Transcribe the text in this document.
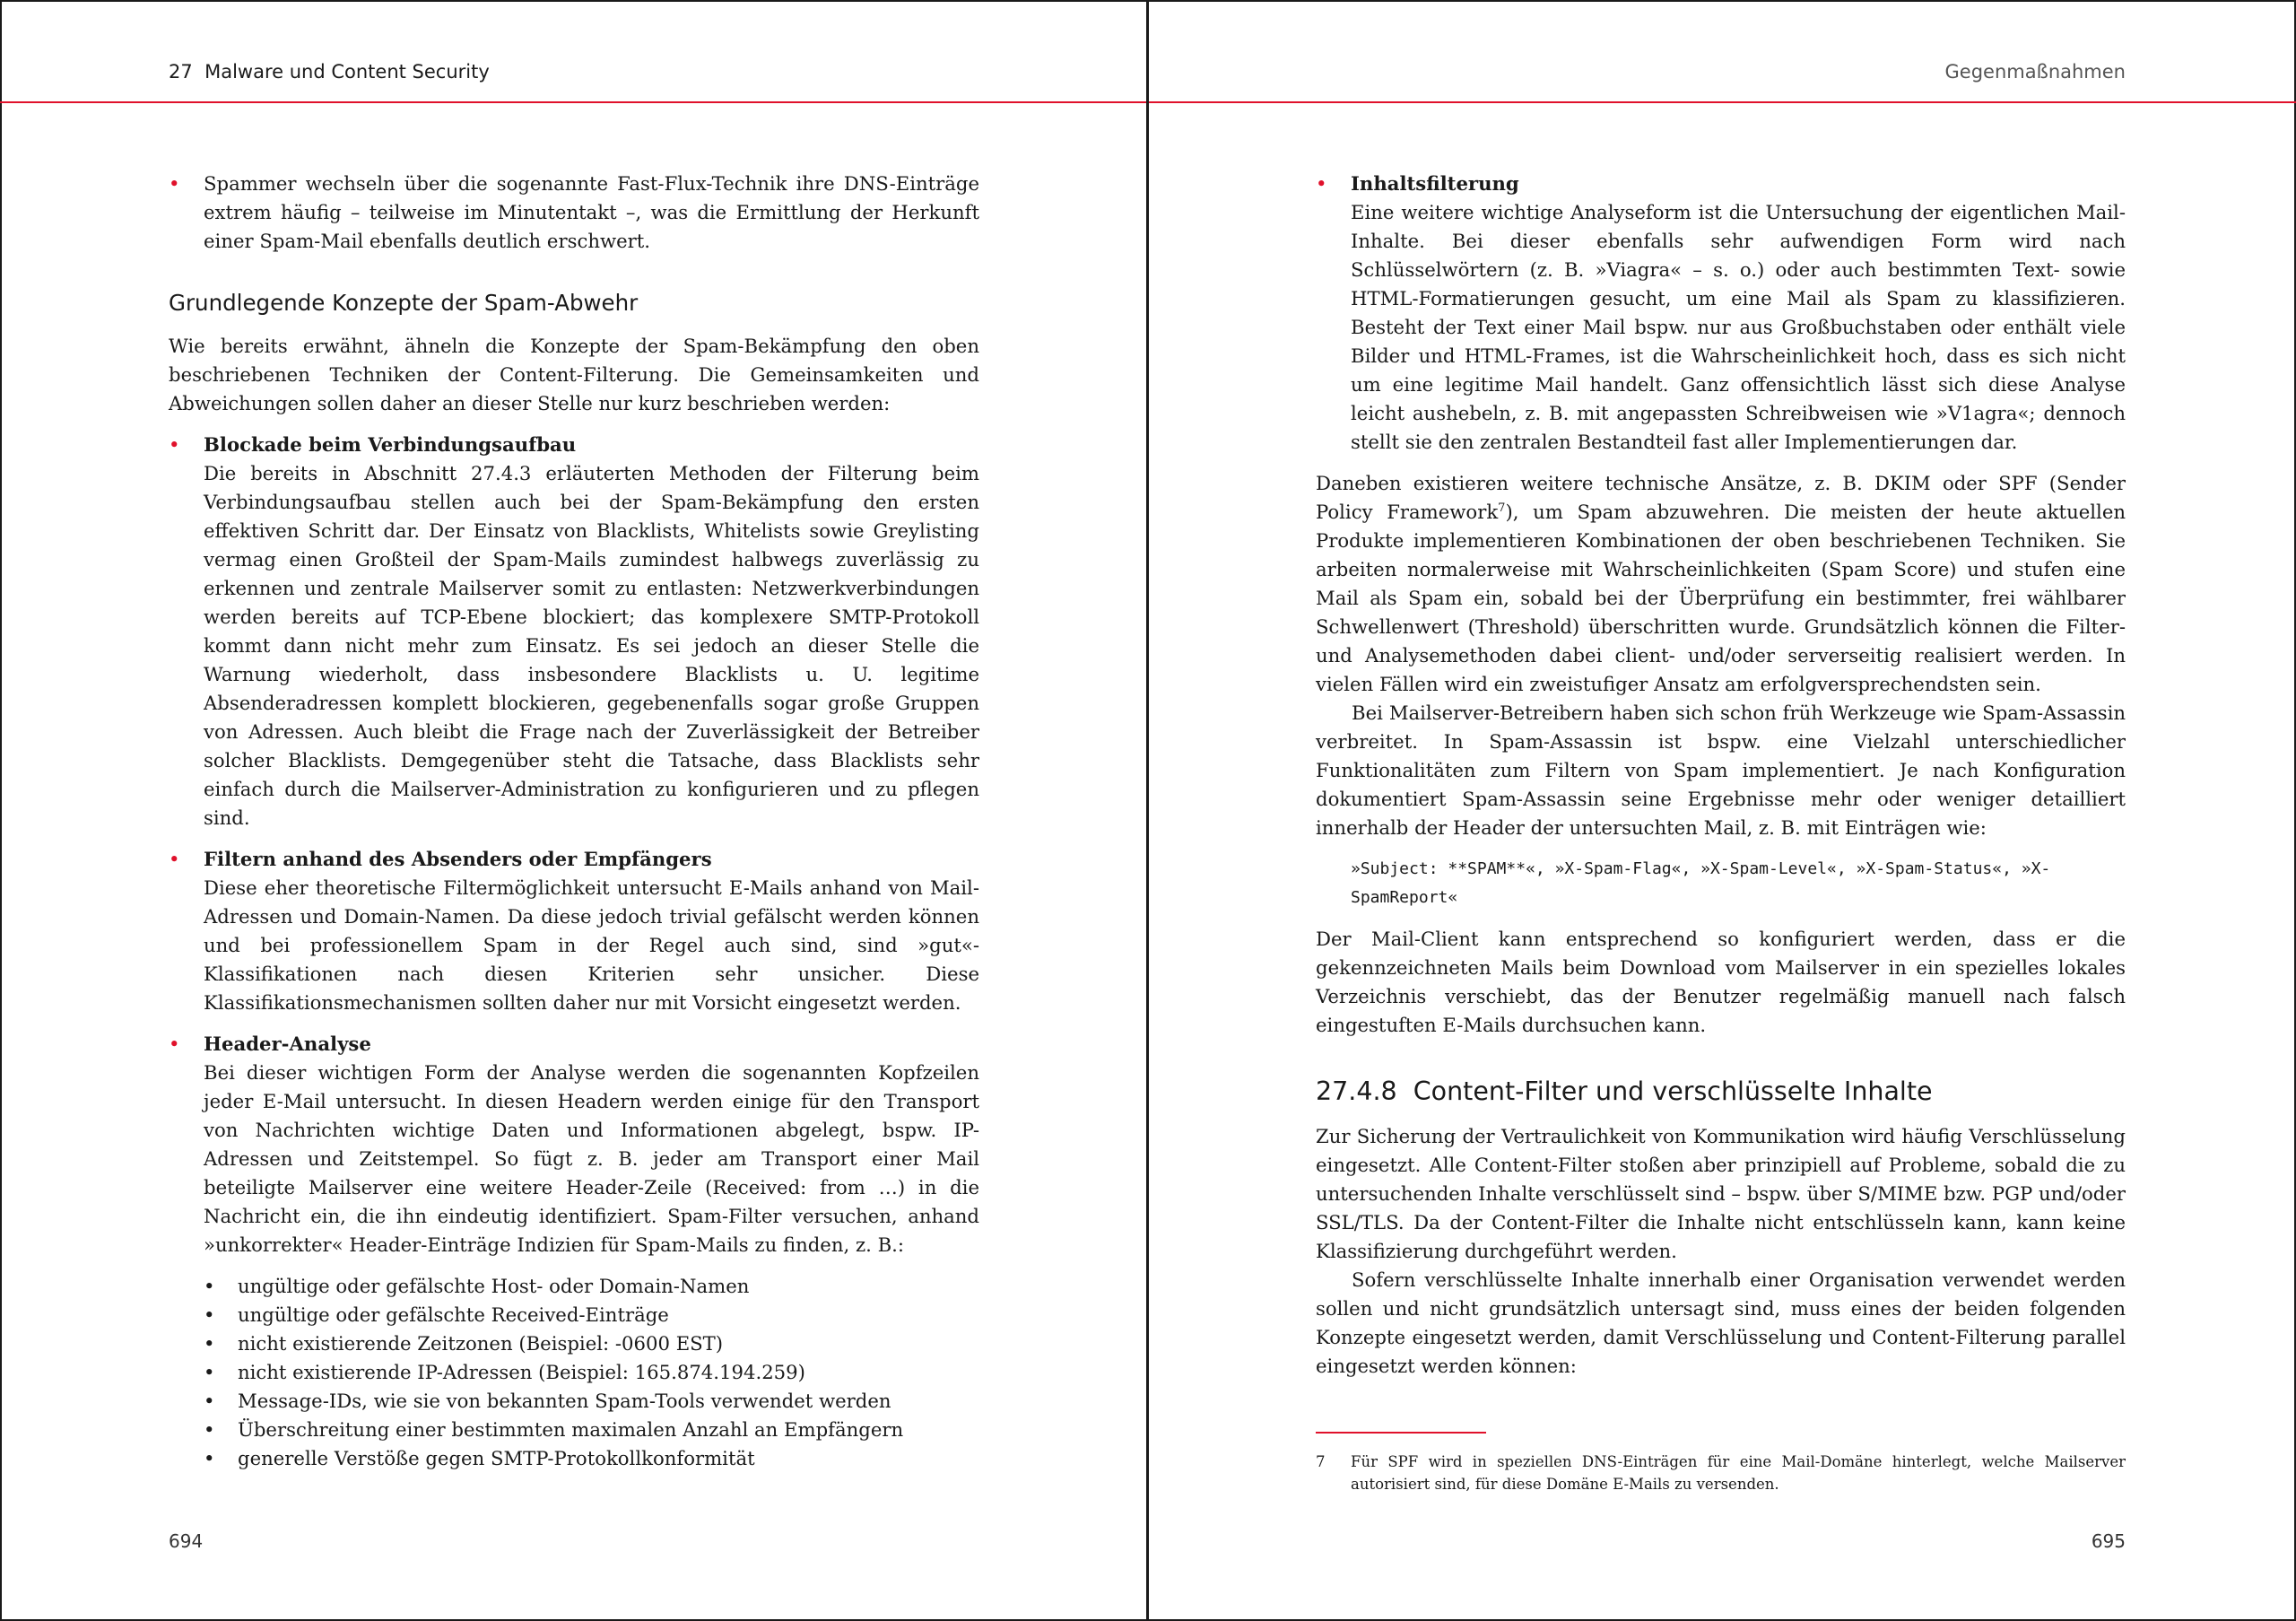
27 Malware und Content Security	Gegenmaßnahmen
• Spammer wechseln über die sogenannte Fast-Flux-Technik ihre DNS-Einträge extrem häufig – teilweise im Minutentakt –, was die Ermittlung der Herkunft einer Spam-Mail ebenfalls deutlich erschwert.

Grundlegende Konzepte der Spam-Abwehr

Wie bereits erwähnt, ähneln die Konzepte der Spam-Bekämpfung den oben beschriebenen Techniken der Content-Filterung. Die Gemeinsamkeiten und Abweichungen sollen daher an dieser Stelle nur kurz beschrieben werden:

• Blockade beim Verbindungsaufbau

Die bereits in Abschnitt 27.4.3 erläuterten Methoden der Filterung beim Verbindungsaufbau stellen auch bei der Spam-Bekämpfung den ersten effektiven Schritt dar. Der Einsatz von Blacklists, Whitelists sowie Greylisting vermag einen Großteil der Spam-Mails zumindest halbwegs zuverlässig zu erkennen und zentrale Mailserver somit zu entlasten: Netzwerkverbindungen werden bereits auf TCP-Ebene blockiert; das komplexere SMTP-Protokoll kommt dann nicht mehr zum Einsatz. Es sei jedoch an dieser Stelle die Warnung wiederholt, dass insbesondere Blacklists u. U. legitime Absenderadressen komplett blockieren, gegebenenfalls sogar große Gruppen von Adressen. Auch bleibt die Frage nach der Zuverlässigkeit der Betreiber solcher Blacklists. Demgegenüber steht die Tatsache, dass Blacklists sehr einfach durch die Mailserver-Administration zu konfigurieren und zu pflegen sind.

• Filtern anhand des Absenders oder Empfängers

Diese eher theoretische Filtermöglichkeit untersucht E-Mails anhand von Mail-Adressen und Domain-Namen. Da diese jedoch trivial gefälscht werden können und bei professionellem Spam in der Regel auch sind, sind »gut«-Klassifikationen nach diesen Kriterien sehr unsicher. Diese Klassifikationsmechanismen sollten daher nur mit Vorsicht eingesetzt werden.

• Header-Analyse

Bei dieser wichtigen Form der Analyse werden die sogenannten Kopfzeilen jeder E-Mail untersucht. In diesen Headern werden einige für den Transport von Nachrichten wichtige Daten und Informationen abgelegt, bspw. IP-Adressen und Zeitstempel. So fügt z. B. jeder am Transport einer Mail beteiligte Mailserver eine weitere Header-Zeile (Received: from …) in die Nachricht ein, die ihn eindeutig identifiziert. Spam-Filter versuchen, anhand »unkorrekter« Header-Einträge Indizien für Spam-Mails zu finden, z. B.:

• ungültige oder gefälschte Host- oder Domain-Namen
• ungültige oder gefälschte Received-Einträge
• nicht existierende Zeitzonen (Beispiel: -0600 EST)
• nicht existierende IP-Adressen (Beispiel: 165.874.194.259)
• Message-IDs, wie sie von bekannten Spam-Tools verwendet werden
• Überschreitung einer bestimmten maximalen Anzahl an Empfängern
• generelle Verstöße gegen SMTP-Protokollkonformität
694
• Inhaltsfilterung

Eine weitere wichtige Analyseform ist die Untersuchung der eigentlichen Mail-Inhalte. Bei dieser ebenfalls sehr aufwendigen Form wird nach Schlüsselwörtern (z. B. »Viagra« – s. o.) oder auch bestimmten Text- sowie HTML-Formatierungen gesucht, um eine Mail als Spam zu klassifizieren. Besteht der Text einer Mail bspw. nur aus Großbuchstaben oder enthält viele Bilder und HTML-Frames, ist die Wahrscheinlichkeit hoch, dass es sich nicht um eine legitime Mail handelt. Ganz offensichtlich lässt sich diese Analyse leicht aushebeln, z. B. mit angepassten Schreibweisen wie »V1agra«; dennoch stellt sie den zentralen Bestandteil fast aller Implementierungen dar.

Daneben existieren weitere technische Ansätze, z. B. DKIM oder SPF (Sender Policy Framework$^7$), um Spam abzuwehren. Die meisten der heute aktuellen Produkte implementieren Kombinationen der oben beschriebenen Techniken. Sie arbeiten normalerweise mit Wahrscheinlichkeiten (Spam Score) und stufen eine Mail als Spam ein, sobald bei der Überprüfung ein bestimmter, frei wählbarer Schwellenwert (Threshold) überschritten wurde. Grundsätzlich können die Filter- und Analysemethoden dabei client- und/oder serverseitig realisiert werden. In vielen Fällen wird ein zweistufiger Ansatz am erfolgversprechendsten sein.

Bei Mailserver-Betreibern haben sich schon früh Werkzeuge wie Spam-Assassin verbreitet. In Spam-Assassin ist bspw. eine Vielzahl unterschiedlicher Funktionalitäten zum Filtern von Spam implementiert. Je nach Konfiguration dokumentiert Spam-Assassin seine Ergebnisse mehr oder weniger detailliert innerhalb der Header der untersuchten Mail, z. B. mit Einträgen wie:

»Subject: **SPAM**«, »X-Spam-Flag«, »X-Spam-Level«, »X-Spam-Status«, »X-SpamReport«

Der Mail-Client kann entsprechend so konfiguriert werden, dass er die gekennzeichneten Mails beim Download vom Mailserver in ein spezielles lokales Verzeichnis verschiebt, das der Benutzer regelmäßig manuell nach falsch eingestuften E-Mails durchsuchen kann.

27.4.8 Content-Filter und verschlüsselte Inhalte

Zur Sicherung der Vertraulichkeit von Kommunikation wird häufig Verschlüsselung eingesetzt. Alle Content-Filter stoßen aber prinzipiell auf Probleme, sobald die zu untersuchenden Inhalte verschlüsselt sind – bspw. über S/MIME bzw. PGP und/oder SSL/TLS. Da der Content-Filter die Inhalte nicht entschlüsseln kann, kann keine Klassifizierung durchgeführt werden.

Sofern verschlüsselte Inhalte innerhalb einer Organisation verwendet werden sollen und nicht grundsätzlich untersagt sind, muss eines der beiden folgenden Konzepte eingesetzt werden, damit Verschlüsselung und Content-Filterung parallel eingesetzt werden können:

7 Für SPF wird in speziellen DNS-Einträgen für eine Mail-Domäne hinterlegt, welche Mailserver autorisiert sind, für diese Domäne E-Mails zu versenden.
695
